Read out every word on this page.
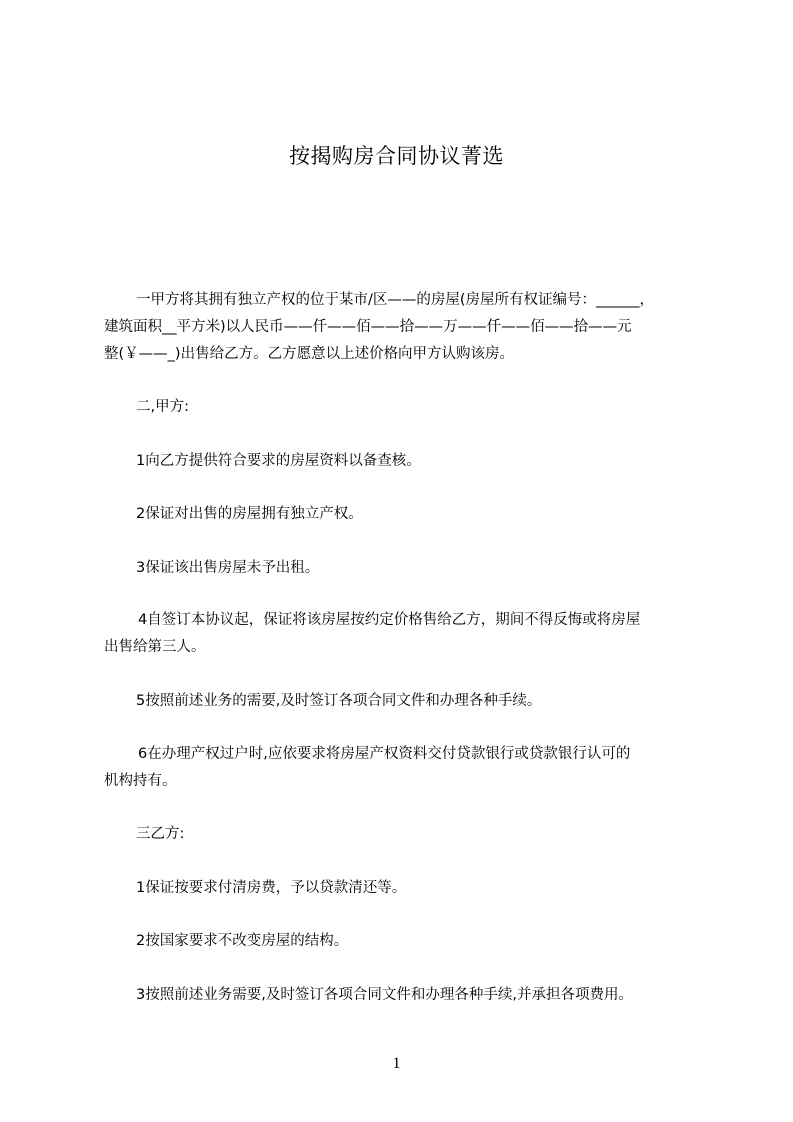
按揭购房合同协议菁选
一甲方将其拥有独立产权的位于某市/区——的房屋(房屋所有权证编号：______，
建筑面积__平方米)以人民币——仟——佰——拾——万——仟——佰——拾——元
整(￥——_)出售给乙方。乙方愿意以上述价格向甲方认购该房。
二,甲方:
1向乙方提供符合要求的房屋资料以备查核。
2保证对出售的房屋拥有独立产权。
3保证该出售房屋未予出租。
4自签订本协议起，保证将该房屋按约定价格售给乙方，期间不得反悔或将房屋
出售给第三人。
5按照前述业务的需要,及时签订各项合同文件和办理各种手续。
6在办理产权过户时,应依要求将房屋产权资料交付贷款银行或贷款银行认可的
机构持有。
三乙方:
1保证按要求付清房费，予以贷款清还等。
2按国家要求不改变房屋的结构。
3按照前述业务需要,及时签订各项合同文件和办理各种手续,并承担各项费用。
1
